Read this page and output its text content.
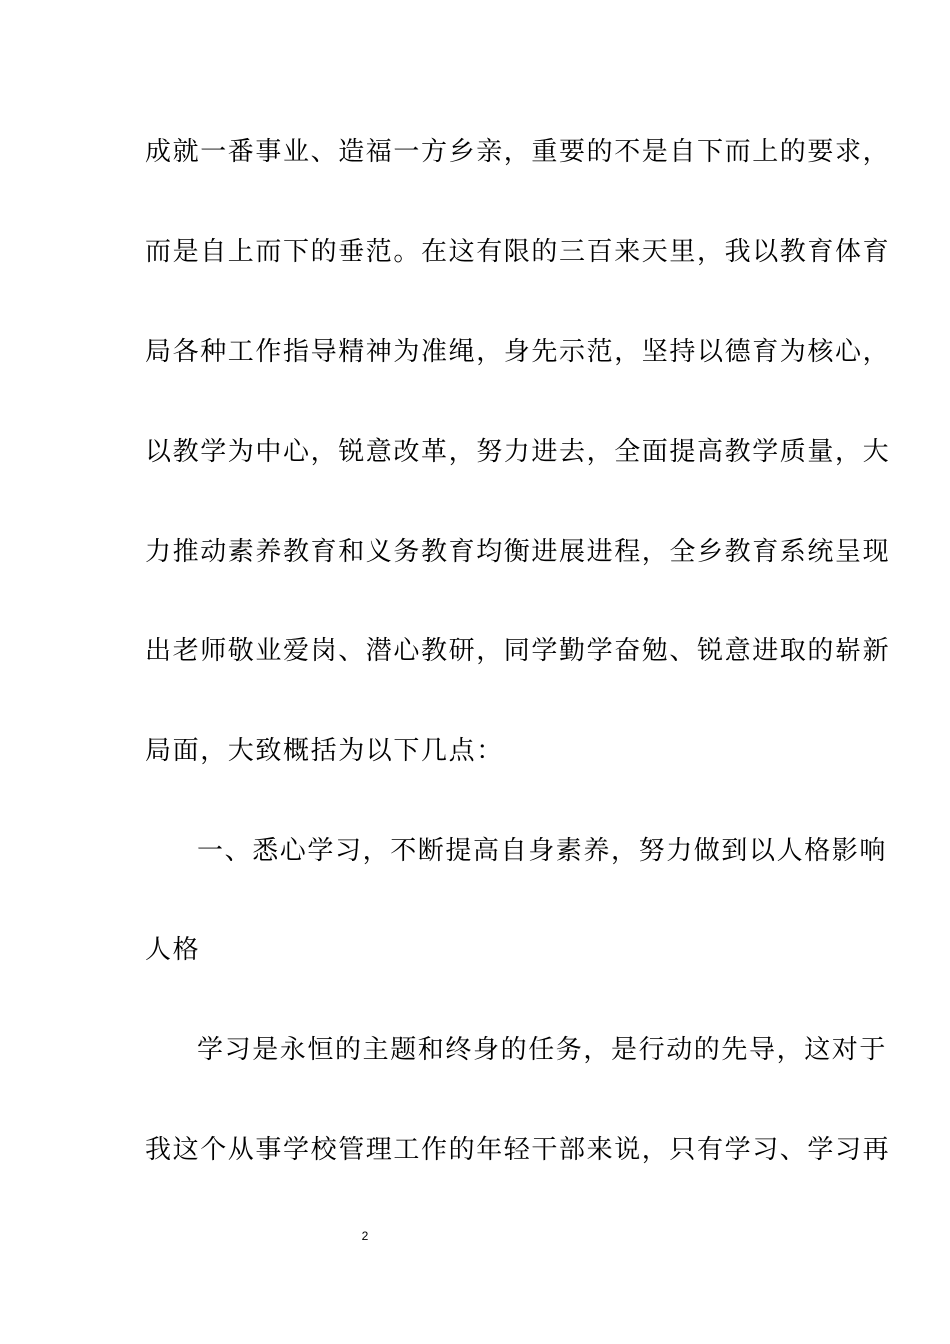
成就一番事业、造福一方乡亲，重要的不是自下而上的要求，
而是自上而下的垂范。在这有限的三百来天里，我以教育体育
局各种工作指导精神为准绳，身先示范，坚持以德育为核心，
以教学为中心，锐意改革，努力进去，全面提高教学质量，大
力推动素养教育和义务教育均衡进展进程，全乡教育系统呈现
出老师敬业爱岗、潜心教研，同学勤学奋勉、锐意进取的崭新
局面，大致概括为以下几点：
一、悉心学习，不断提高自身素养，努力做到以人格影响
人格
学习是永恒的主题和终身的任务，是行动的先导，这对于
我这个从事学校管理工作的年轻干部来说，只有学习、学习再
2
